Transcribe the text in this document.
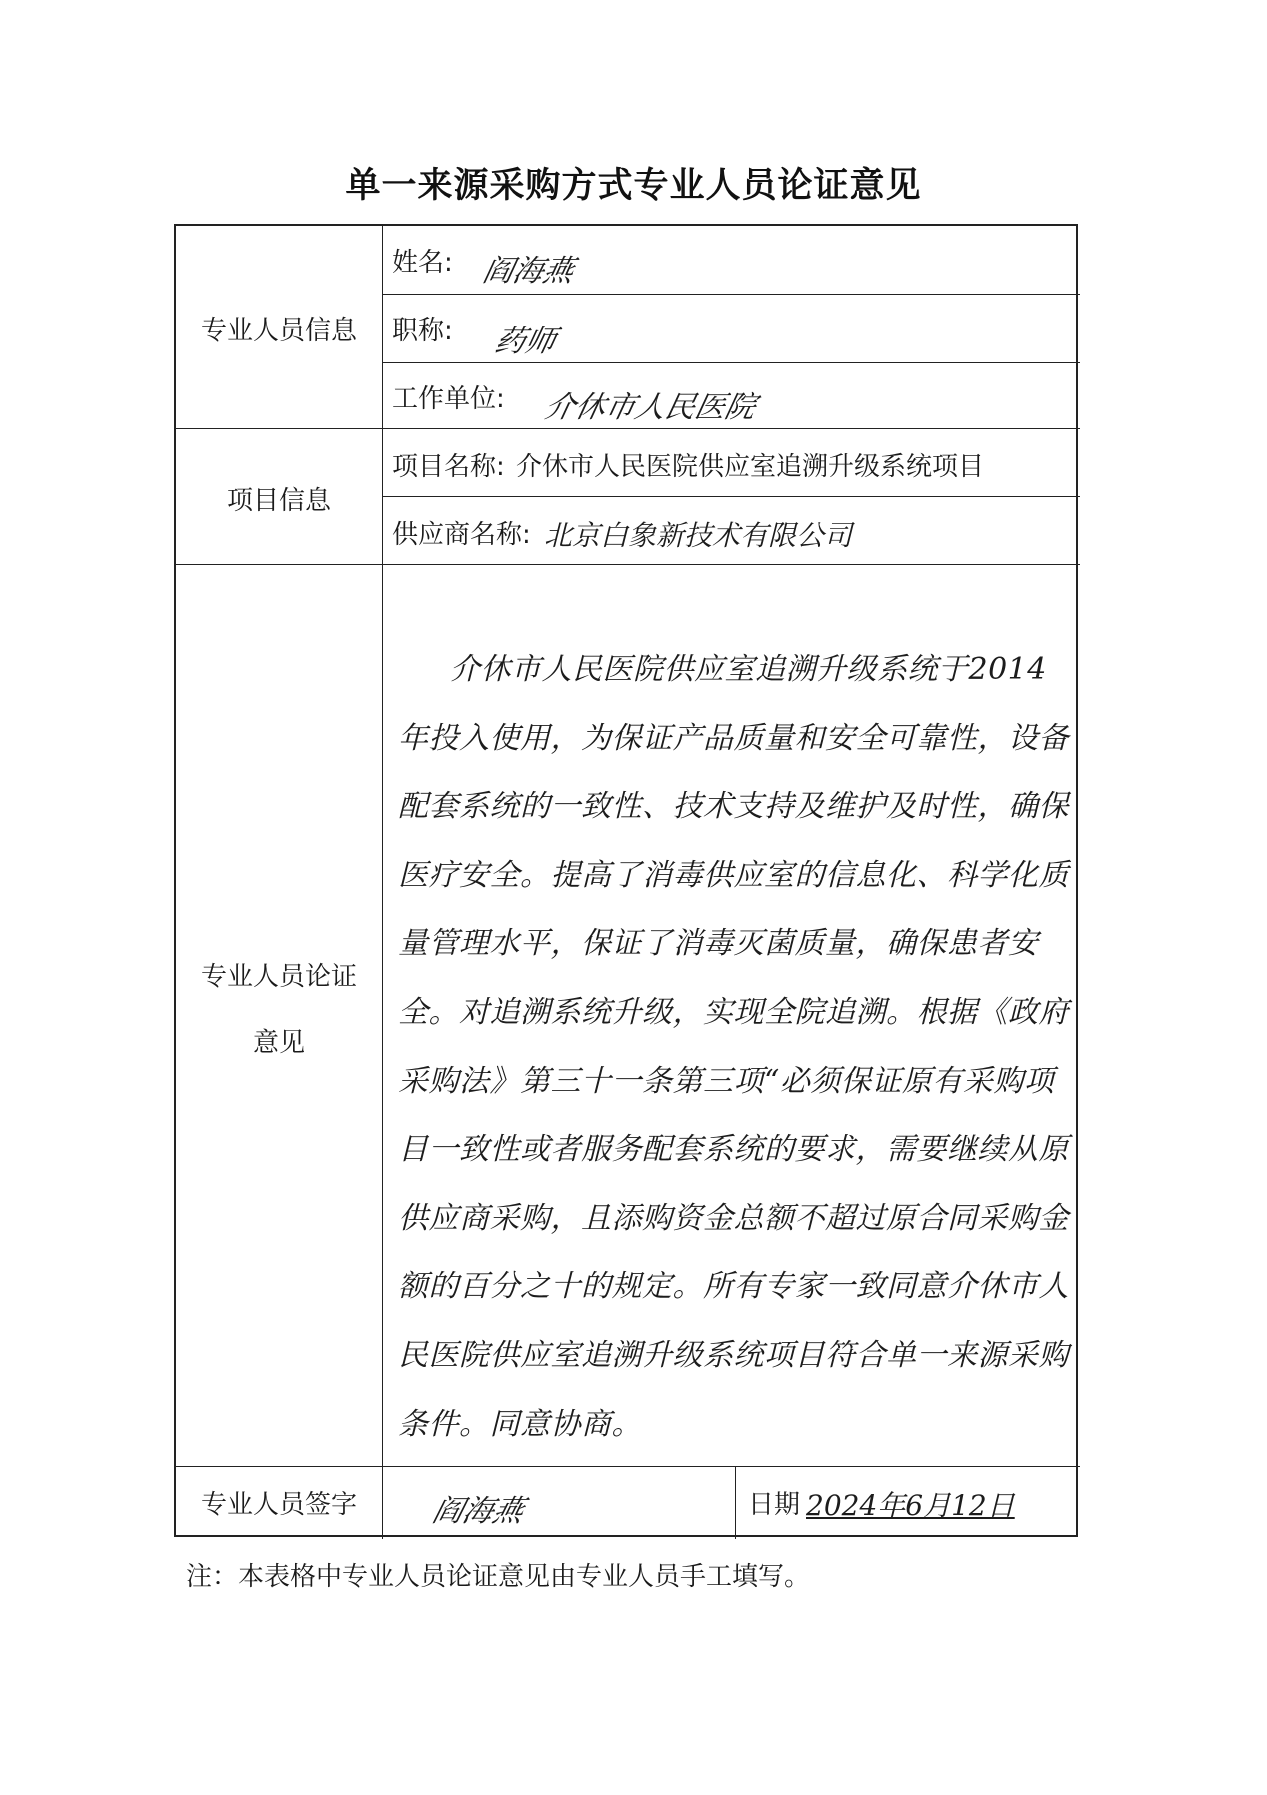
单一来源采购方式专业人员论证意见
专业人员信息
姓名: 阎海燕
职称: 药师
工作单位: 介休市人民医院
项目信息
项目名称: 介休市人民医院供应室追溯升级系统项目
供应商名称: 北京白象新技术有限公司
专业人员论证
意见
介休市人民医院供应室追溯升级系统于2014年投入使用，为保证产品质量和安全可靠性，设备配套系统的一致性、技术支持及维护及时性，确保医疗安全。提高了消毒供应室的信息化、科学化质量管理水平，保证了消毒灭菌质量，确保患者安全。对追溯系统升级，实现全院追溯。根据《政府采购法》第三十一条第三项“必须保证原有采购项目一致性或者服务配套系统的要求，需要继续从原供应商采购，且添购资金总额不超过原合同采购金额的百分之十的规定。所有专家一致同意介休市人民医院供应室追溯升级系统项目符合单一来源采购条件。同意协商。
专业人员签字	阎海燕	日期 2024年6月12日
注：本表格中专业人员论证意见由专业人员手工填写。
